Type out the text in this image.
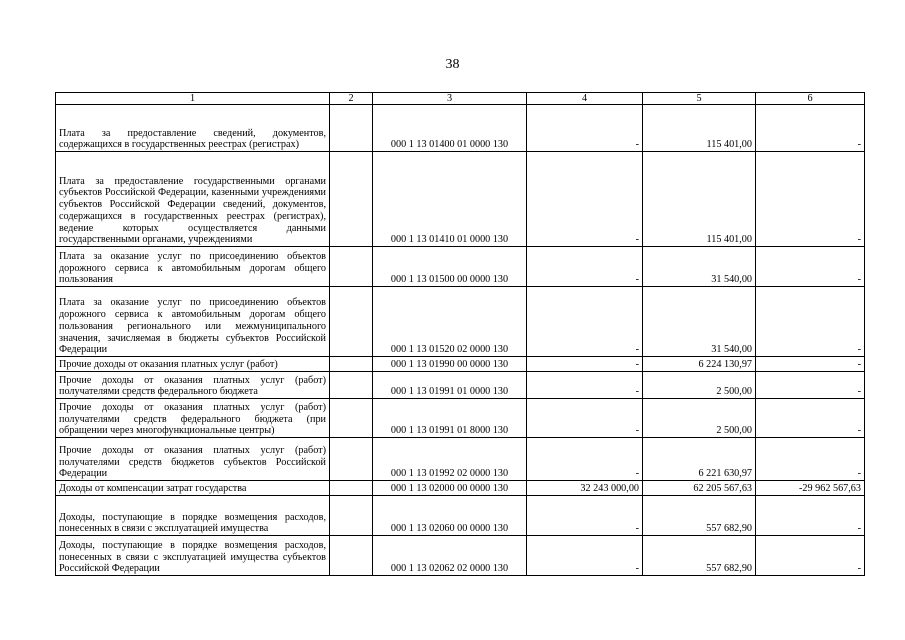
38
1	2	3	4	5	6
Плата за предоставление сведений, документов, содержащихся в государственных реестрах (регистрах)		000 1 13 01400 01 0000 130	-	115 401,00	-
Плата за предоставление государственными органами субъектов Российской Федерации, казенными учреждениями субъектов Российской Федерации сведений, документов, содержащихся в государственных реестрах (регистрах), ведение которых осуществляется данными государственными органами, учреждениями		000 1 13 01410 01 0000 130	-	115 401,00	-
Плата за оказание услуг по присоединению объектов дорожного сервиса к автомобильным дорогам общего пользования		000 1 13 01500 00 0000 130	-	31 540,00	-
Плата за оказание услуг по присоединению объектов дорожного сервиса к автомобильным дорогам общего пользования регионального или межмуниципального значения, зачисляемая в бюджеты субъектов Российской Федерации		000 1 13 01520 02 0000 130	-	31 540,00	-
Прочие доходы от оказания платных услуг (работ)		000 1 13 01990 00 0000 130	-	6 224 130,97	-
Прочие доходы от оказания платных услуг (работ) получателями средств федерального бюджета		000 1 13 01991 01 0000 130	-	2 500,00	-
Прочие доходы от оказания платных услуг (работ) получателями средств федерального бюджета (при обращении через многофункциональные центры)		000 1 13 01991 01 8000 130	-	2 500,00	-
Прочие доходы от оказания платных услуг (работ) получателями средств бюджетов субъектов Российской Федерации		000 1 13 01992 02 0000 130	-	6 221 630,97	-
Доходы от компенсации затрат государства		000 1 13 02000 00 0000 130	32 243 000,00	62 205 567,63	-29 962 567,63
Доходы, поступающие в порядке возмещения расходов, понесенных в связи с эксплуатацией имущества		000 1 13 02060 00 0000 130	-	557 682,90	-
Доходы, поступающие в порядке возмещения расходов, понесенных в связи с эксплуатацией имущества субъектов Российской Федерации		000 1 13 02062 02 0000 130	-	557 682,90	-
